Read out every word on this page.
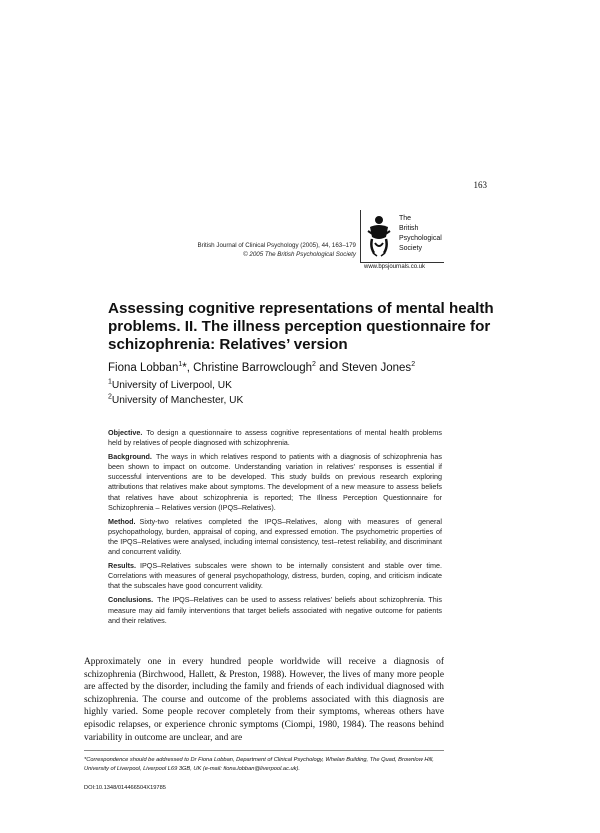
163
British Journal of Clinical Psychology (2005), 44, 163–179
© 2005 The British Psychological Society
The
British
Psychological
Society
www.bpsjournals.co.uk
Assessing cognitive representations of mental health problems. II. The illness perception questionnaire for schizophrenia: Relatives’ version
Fiona Lobban$^1$*, Christine Barrowclough$^2$ and Steven Jones$^2$
$^1$University of Liverpool, UK
$^2$University of Manchester, UK

Objective. To design a questionnaire to assess cognitive representations of mental health problems held by relatives of people diagnosed with schizophrenia.

Background. The ways in which relatives respond to patients with a diagnosis of schizophrenia has been shown to impact on outcome. Understanding variation in relatives’ responses is essential if successful interventions are to be developed. This study builds on previous research exploring attributions that relatives make about symptoms. The development of a new measure to assess beliefs that relatives have about schizophrenia is reported; The Illness Perception Questionnaire for Schizophrenia – Relatives version (IPQS–Relatives).

Method. Sixty-two relatives completed the IPQS–Relatives, along with measures of general psychopathology, burden, appraisal of coping, and expressed emotion. The psychometric properties of the IPQS–Relatives were analysed, including internal consistency, test–retest reliability, and discriminant and concurrent validity.

Results. IPQS–Relatives subscales were shown to be internally consistent and stable over time. Correlations with measures of general psychopathology, distress, burden, coping, and criticism indicate that the subscales have good concurrent validity.

Conclusions. The IPQS–Relatives can be used to assess relatives’ beliefs about schizophrenia. This measure may aid family interventions that target beliefs associated with negative outcome for patients and their relatives.

Approximately one in every hundred people worldwide will receive a diagnosis of schizophrenia (Birchwood, Hallett, & Preston, 1988). However, the lives of many more people are affected by the disorder, including the family and friends of each individual diagnosed with schizophrenia. The course and outcome of the problems associated with this diagnosis are highly varied. Some people recover completely from their symptoms, whereas others have episodic relapses, or experience chronic symptoms (Ciompi, 1980, 1984). The reasons behind variability in outcome are unclear, and are
*Correspondence should be addressed to Dr Fiona Lobban, Department of Clinical Psychology, Whelan Building, The Quad, Brownlow Hill, University of Liverpool, Liverpool L69 3GB, UK (e-mail: fiona.lobban@liverpool.ac.uk).
DOI:10.1348/014466504X19785
